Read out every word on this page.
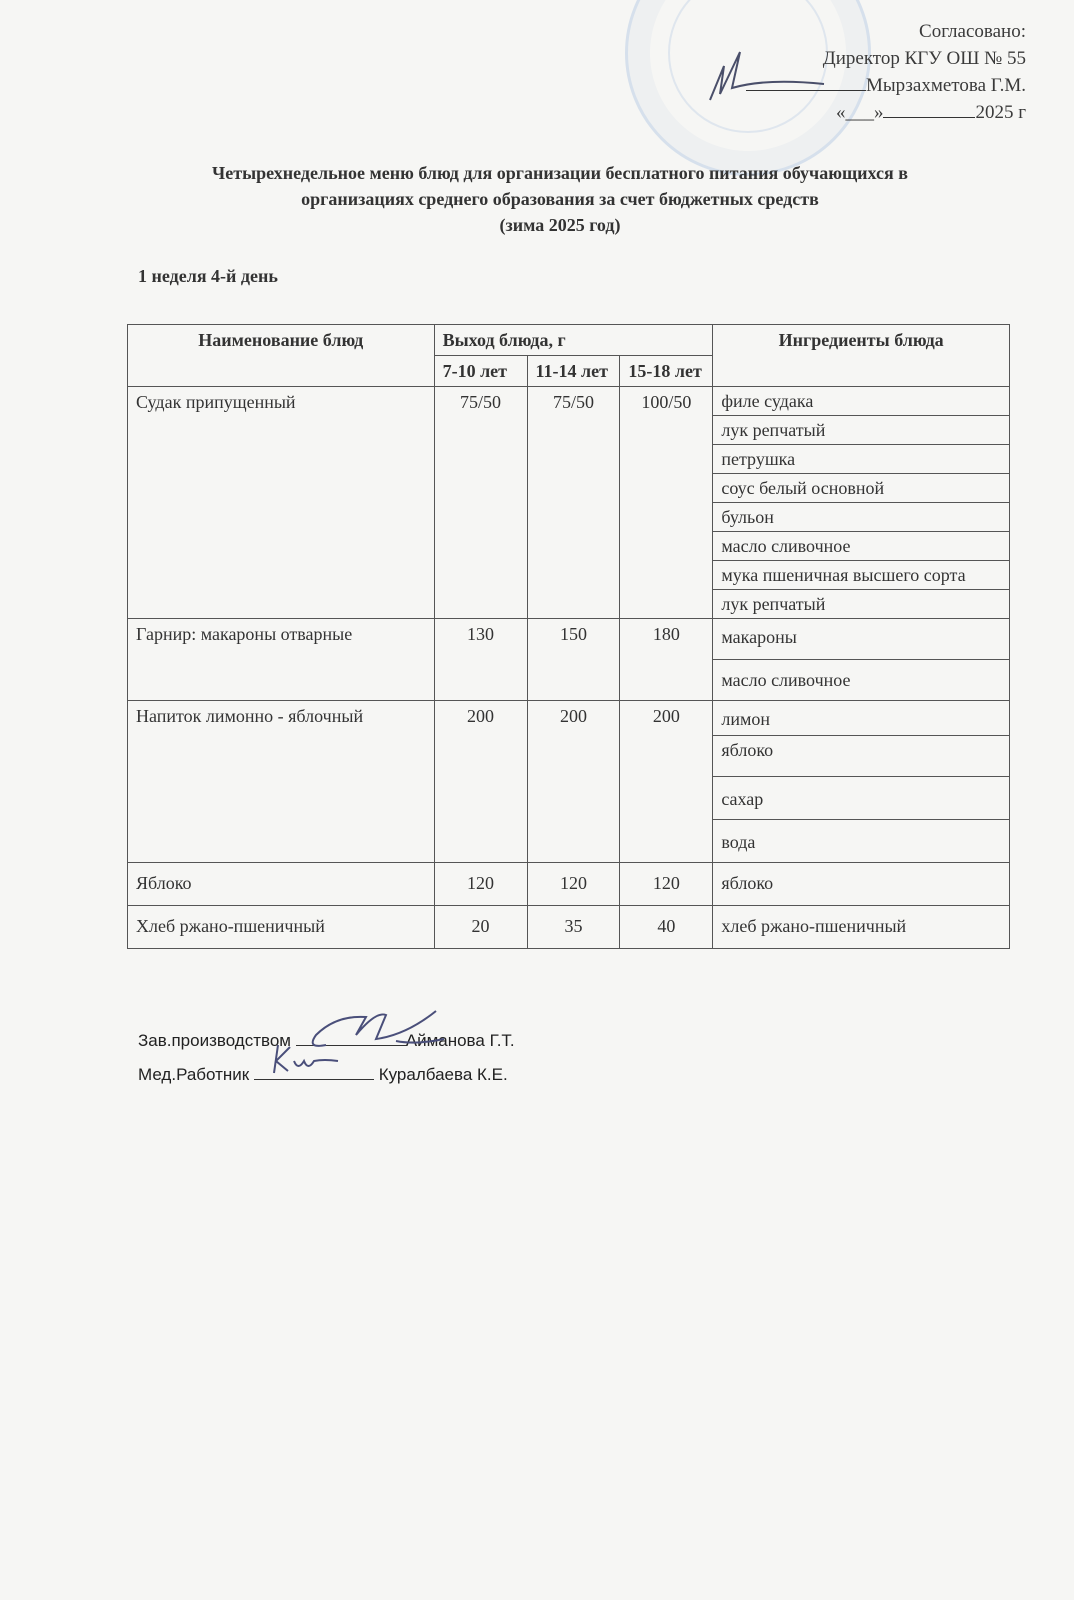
Согласовано:
Директор КГУ ОШ № 55
Мырзахметова Г.М.
«___»	2025 г
Четырехнедельное меню блюд для организации бесплатного питания обучающихся в
организациях среднего образования за счет бюджетных средств
(зима 2025 год)
1 неделя 4-й день
Наименование блюд	Выход блюда, г			Ингредиенты блюда
	7-10 лет	11-14 лет	15-18 лет	
Судак припущенный	75/50	75/50	100/50	филе судака
лук репчатый
петрушка
соус белый основной
бульон
масло сливочное
мука пшеничная высшего сорта
лук репчатый

Гарнир: макароны отварные	130	150	180	макароны
масло сливочное

Напиток лимонно - яблочный	200	200	200	лимон
яблоко
сахар
вода

Яблоко	120	120	120	яблоко

Хлеб ржано-пшеничный	20	35	40	хлеб ржано-пшеничный
Зав.производством	Айманова Г.Т.
Мед.Работник	Куралбаева К.Е.
